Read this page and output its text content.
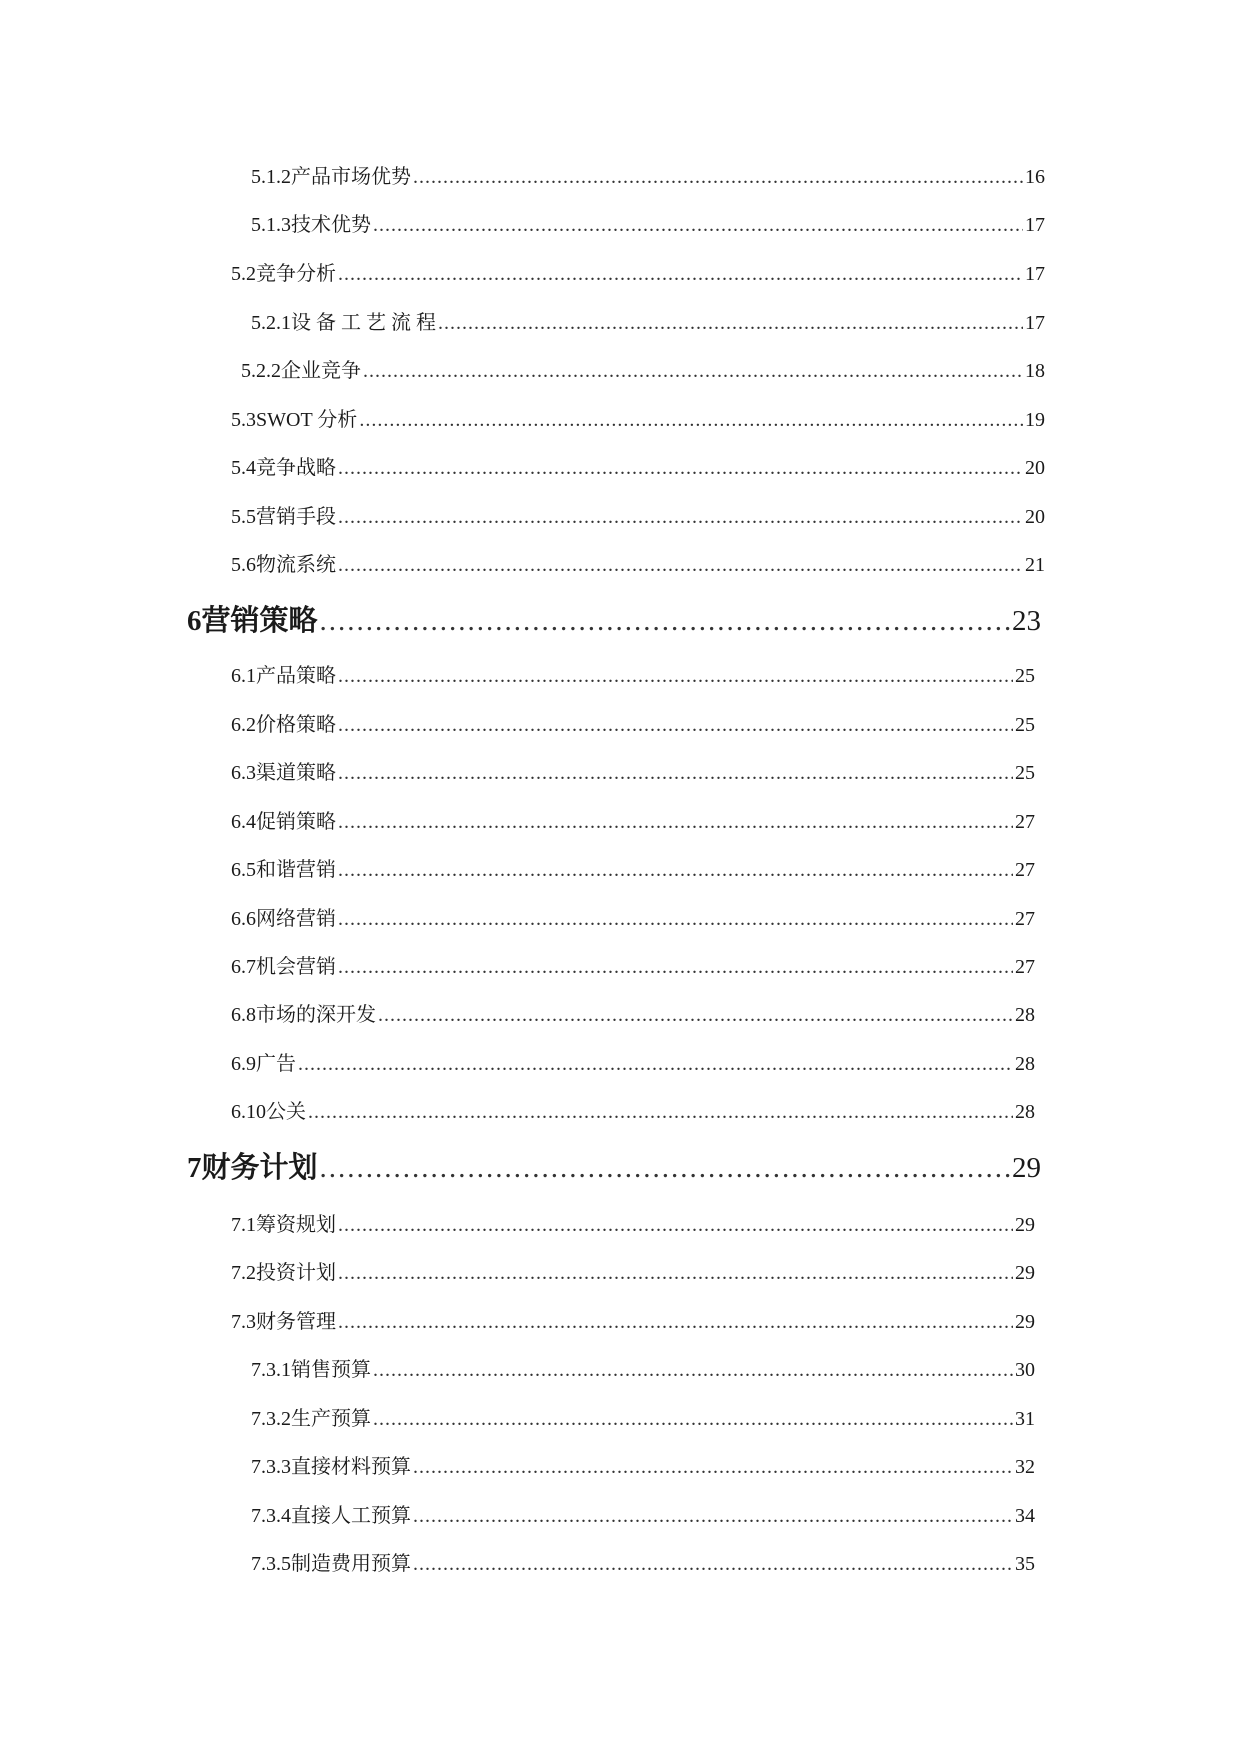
5.1.2 产品市场优势 .....	16
5.1.3 技术优势 .....	17
5.2 竞争分析 .....	17
5.2.1 设 备 工 艺 流 程 .....	17
5.2.2 企业竞争 .....	18
5.3 SWOT 分析 .....	19
5.4 竞争战略 .....	20
5.5 营销手段 .....	20
5.6 物流系统 .....	21
6 营销策略 .....	23
6.1 产品策略 .....	25
6.2 价格策略 .....	25
6.3 渠道策略 .....	25
6.4 促销策略 .....	27
6.5 和谐营销 .....	27
6.6 网络营销 .....	27
6.7 机会营销 .....	27
6.8 市场的深开发 .....	28
6.9 广告 .....	28
6.10 公关 .....	28
7 财务计划 .....	29
7.1 筹资规划 .....	29
7.2 投资计划 .....	29
7.3 财务管理 .....	29
7.3.1 销售预算 .....	30
7.3.2 生产预算 .....	31
7.3.3 直接材料预算 .....	32
7.3.4 直接人工预算 .....	34
7.3.5 制造费用预算 .....	35
